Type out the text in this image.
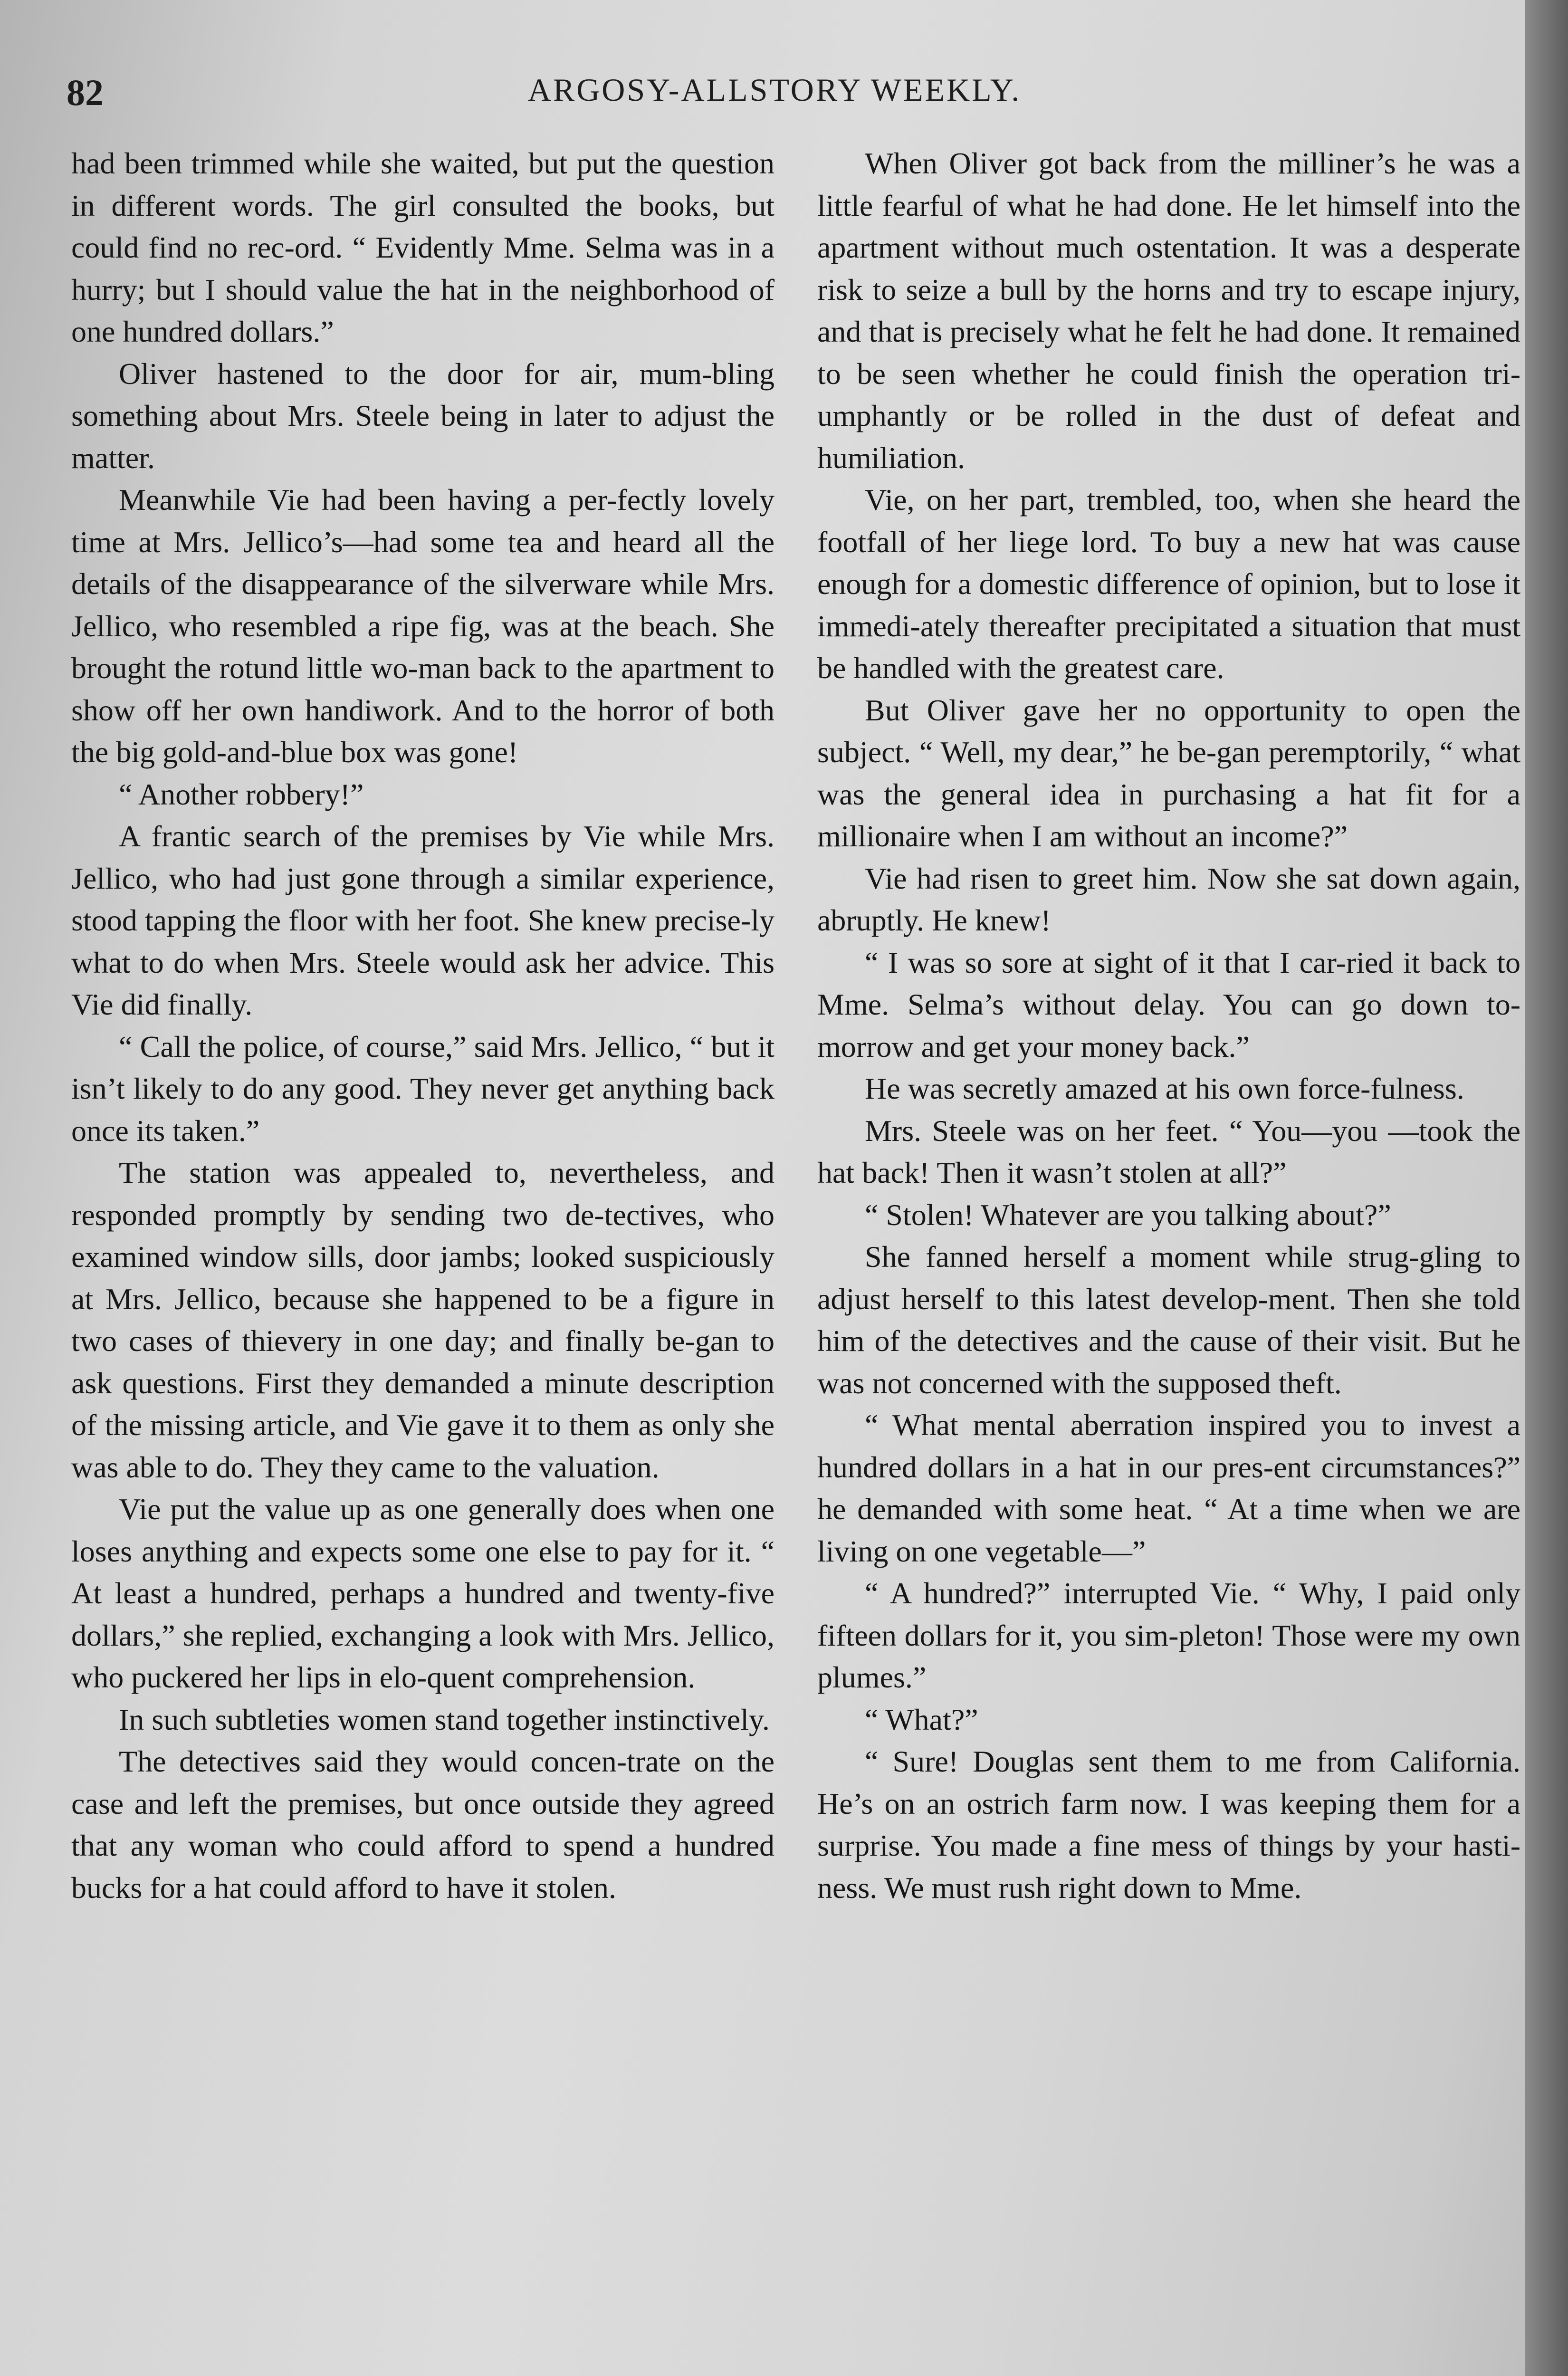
82	ARGOSY-ALLSTORY WEEKLY.

had been trimmed while she waited, but put the question in different words. The girl consulted the books, but could find no rec-ord. “ Evidently Mme. Selma was in a hurry; but I should value the hat in the neighborhood of one hundred dollars.”

Oliver hastened to the door for air, mum-bling something about Mrs. Steele being in later to adjust the matter.

Meanwhile Vie had been having a per-fectly lovely time at Mrs. Jellico’s—had some tea and heard all the details of the disappearance of the silverware while Mrs. Jellico, who resembled a ripe fig, was at the beach. She brought the rotund little wo-man back to the apartment to show off her own handiwork. And to the horror of both the big gold-and-blue box was gone!

“ Another robbery!”

A frantic search of the premises by Vie while Mrs. Jellico, who had just gone through a similar experience, stood tapping the floor with her foot. She knew precise-ly what to do when Mrs. Steele would ask her advice. This Vie did finally.

“ Call the police, of course,” said Mrs. Jellico, “ but it isn’t likely to do any good. They never get anything back once its taken.”

The station was appealed to, nevertheless, and responded promptly by sending two de-tectives, who examined window sills, door jambs; looked suspiciously at Mrs. Jellico, because she happened to be a figure in two cases of thievery in one day; and finally be-gan to ask questions. First they demanded a minute description of the missing article, and Vie gave it to them as only she was able to do. They they came to the valuation.

Vie put the value up as one generally does when one loses anything and expects some one else to pay for it. “ At least a hundred, perhaps a hundred and twenty-five dollars,” she replied, exchanging a look with Mrs. Jellico, who puckered her lips in elo-quent comprehension.

In such subtleties women stand together instinctively.

The detectives said they would concen-trate on the case and left the premises, but once outside they agreed that any woman who could afford to spend a hundred bucks for a hat could afford to have it stolen.

When Oliver got back from the milliner’s he was a little fearful of what he had done. He let himself into the apartment without much ostentation. It was a desperate risk to seize a bull by the horns and try to escape injury, and that is precisely what he felt he had done. It remained to be seen whether he could finish the operation tri-umphantly or be rolled in the dust of defeat and humiliation.

Vie, on her part, trembled, too, when she heard the footfall of her liege lord. To buy a new hat was cause enough for a domestic difference of opinion, but to lose it immedi-ately thereafter precipitated a situation that must be handled with the greatest care.

But Oliver gave her no opportunity to open the subject. “ Well, my dear,” he be-gan peremptorily, “ what was the general idea in purchasing a hat fit for a millionaire when I am without an income?”

Vie had risen to greet him. Now she sat down again, abruptly. He knew!

“ I was so sore at sight of it that I car-ried it back to Mme. Selma’s without delay. You can go down to-morrow and get your money back.”

He was secretly amazed at his own force-fulness.

Mrs. Steele was on her feet. “ You—you —took the hat back! Then it wasn’t stolen at all?”

“ Stolen! Whatever are you talking about?”

She fanned herself a moment while strug-gling to adjust herself to this latest develop-ment. Then she told him of the detectives and the cause of their visit. But he was not concerned with the supposed theft.

“ What mental aberration inspired you to invest a hundred dollars in a hat in our pres-ent circumstances?” he demanded with some heat. “ At a time when we are living on one vegetable—”

“ A hundred?” interrupted Vie. “ Why, I paid only fifteen dollars for it, you sim-pleton! Those were my own plumes.”

“ What?”

“ Sure! Douglas sent them to me from California. He’s on an ostrich farm now. I was keeping them for a surprise. You made a fine mess of things by your hasti-ness. We must rush right down to Mme.
